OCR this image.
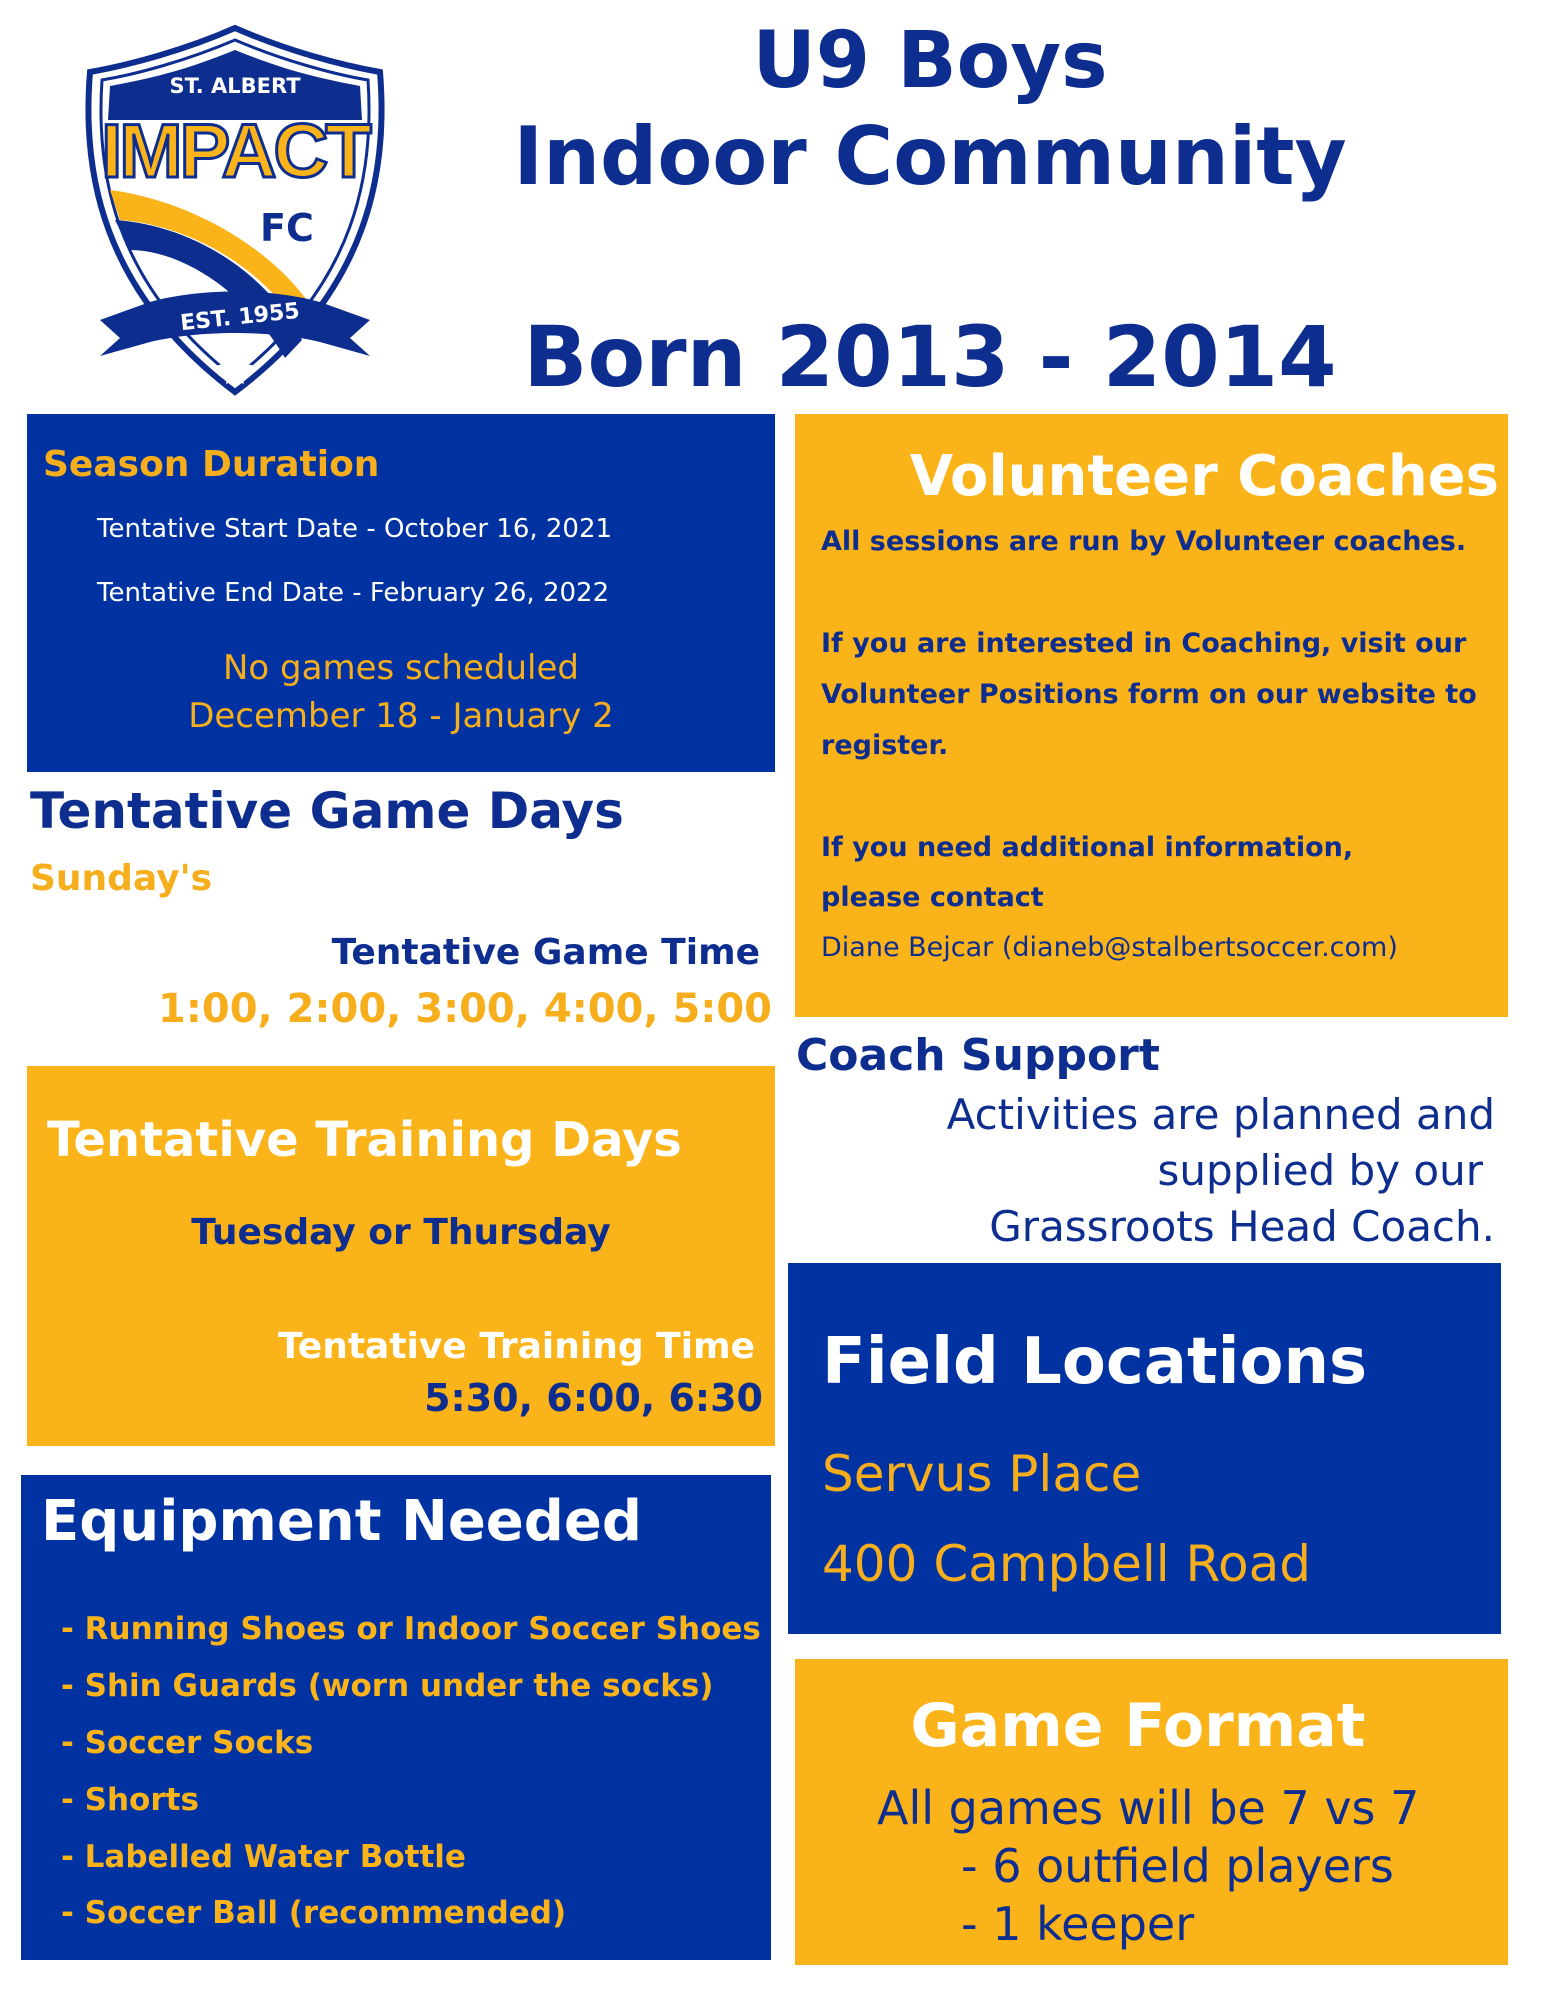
ST. ALBERT
IMPACT
FC
EST. 1955
U9 Boys
Indoor Community
Born 2013 - 2014
Season Duration
Tentative Start Date - October 16, 2021
Tentative End Date - February 26, 2022
No games scheduled
December 18 - January 2
Tentative Game Days
Sunday's
Tentative Game Time
1:00, 2:00, 3:00, 4:00, 5:00
Tentative Training Days
Tuesday or Thursday
Tentative Training Time
5:30, 6:00, 6:30
Equipment Needed
- Running Shoes or Indoor Soccer Shoes
- Shin Guards (worn under the socks)
- Soccer Socks
- Shorts
- Labelled Water Bottle
- Soccer Ball (recommended)
Volunteer Coaches
All sessions are run by Volunteer coaches.
If you are interested in Coaching, visit our
Volunteer Positions form on our website to
register.
If you need additional information,
please contact
Diane Bejcar (dianeb@stalbertsoccer.com)
Coach Support
Activities are planned and
supplied by our
Grassroots Head Coach.
Field Locations
Servus Place
400 Campbell Road
Game Format
All games will be 7 vs 7
- 6 outfield players
- 1 keeper
